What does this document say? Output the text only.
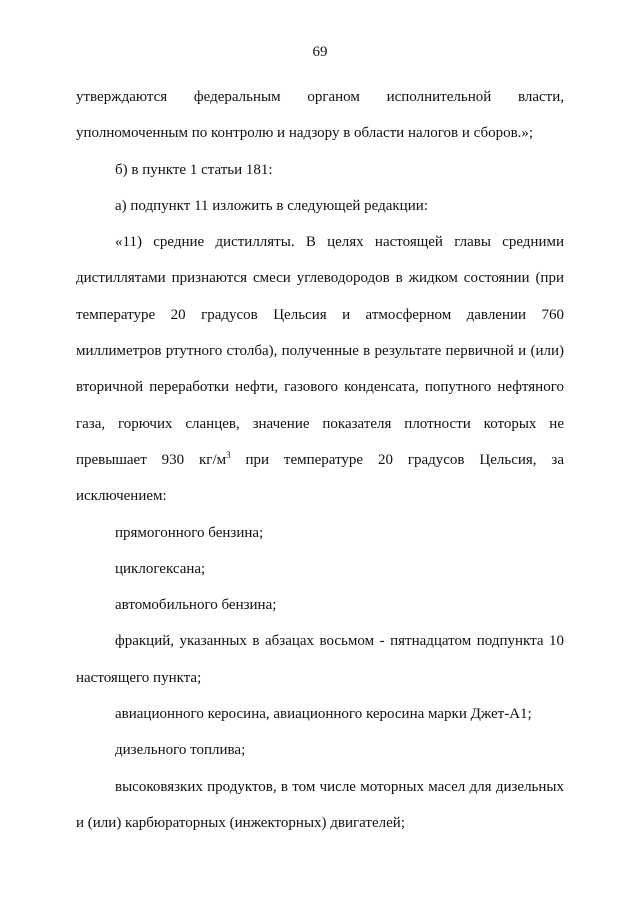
69

утверждаются федеральным органом исполнительной власти, уполномоченным по контролю и надзору в области налогов и сборов.»;

б) в пункте 1 статьи 181:

а) подпункт 11 изложить в следующей редакции:

«11) средние дистилляты. В целях настоящей главы средними дистиллятами признаются смеси углеводородов в жидком состоянии (при температуре 20 градусов Цельсия и атмосферном давлении 760 миллиметров ртутного столба), полученные в результате первичной и (или) вторичной переработки нефти, газового конденсата, попутного нефтяного газа, горючих сланцев, значение показателя плотности которых не превышает 930 $кг/м^3$ при температуре 20 градусов Цельсия, за исключением:

прямогонного бензина;

циклогексана;

автомобильного бензина;

фракций, указанных в абзацах восьмом - пятнадцатом подпункта 10 настоящего пункта;

авиационного керосина, авиационного керосина марки Джет-А1;

дизельного топлива;

высоковязких продуктов, в том числе моторных масел для дизельных и (или) карбюраторных (инжекторных) двигателей;
